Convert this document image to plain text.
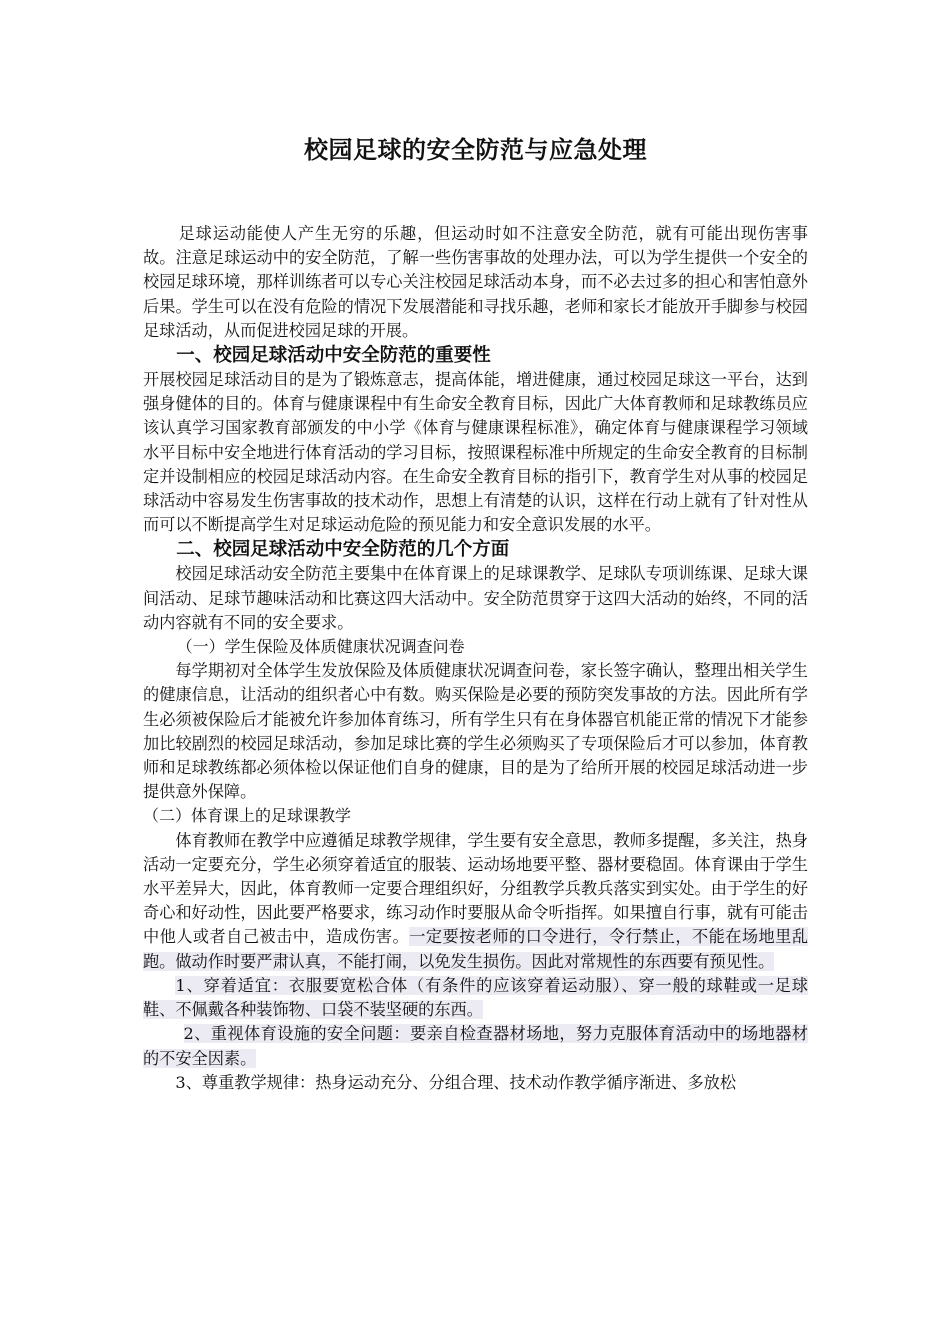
校园足球的安全防范与应急处理

足球运动能使人产生无穷的乐趣，但运动时如不注意安全防范，就有可能出现伤害事故。注意足球运动中的安全防范，了解一些伤害事故的处理办法，可以为学生提供一个安全的校园足球环境，那样训练者可以专心关注校园足球活动本身，而不必去过多的担心和害怕意外后果。学生可以在没有危险的情况下发展潜能和寻找乐趣，老师和家长才能放开手脚参与校园足球活动，从而促进校园足球的开展。

一、校园足球活动中安全防范的重要性

开展校园足球活动目的是为了锻炼意志，提高体能，增进健康，通过校园足球这一平台，达到强身健体的目的。体育与健康课程中有生命安全教育目标，因此广大体育教师和足球教练员应该认真学习国家教育部颁发的中小学《体育与健康课程标准》，确定体育与健康课程学习领域水平目标中安全地进行体育活动的学习目标，按照课程标准中所规定的生命安全教育的目标制定并设制相应的校园足球活动内容。在生命安全教育目标的指引下，教育学生对从事的校园足球活动中容易发生伤害事故的技术动作，思想上有清楚的认识，这样在行动上就有了针对性从而可以不断提高学生对足球运动危险的预见能力和安全意识发展的水平。

二、校园足球活动中安全防范的几个方面

校园足球活动安全防范主要集中在体育课上的足球课教学、足球队专项训练课、足球大课间活动、足球节趣味活动和比赛这四大活动中。安全防范贯穿于这四大活动的始终，不同的活动内容就有不同的安全要求。

（一）学生保险及体质健康状况调查问卷

每学期初对全体学生发放保险及体质健康状况调查问卷，家长签字确认，整理出相关学生的健康信息，让活动的组织者心中有数。购买保险是必要的预防突发事故的方法。因此所有学生必须被保险后才能被允许参加体育练习，所有学生只有在身体器官机能正常的情况下才能参加比较剧烈的校园足球活动，参加足球比赛的学生必须购买了专项保险后才可以参加，体育教师和足球教练都必须体检以保证他们自身的健康，目的是为了给所开展的校园足球活动进一步提供意外保障。

（二）体育课上的足球课教学

体育教师在教学中应遵循足球教学规律，学生要有安全意思，教师多提醒，多关注，热身活动一定要充分，学生必须穿着适宜的服装、运动场地要平整、器材要稳固。体育课由于学生水平差异大，因此，体育教师一定要合理组织好，分组教学兵教兵落实到实处。由于学生的好奇心和好动性，因此要严格要求，练习动作时要服从命令听指挥。如果擅自行事，就有可能击中他人或者自己被击中，造成伤害。一定要按老师的口令进行，令行禁止，不能在场地里乱跑。做动作时要严肃认真，不能打闹，以免发生损伤。因此对常规性的东西要有预见性。

1、穿着适宜：衣服要宽松合体（有条件的应该穿着运动服）、穿一般的球鞋或一足球鞋、不佩戴各种装饰物、口袋不装坚硬的东西。

2、重视体育设施的安全问题：要亲自检查器材场地，努力克服体育活动中的场地器材的不安全因素。

3、尊重教学规律：热身运动充分、分组合理、技术动作教学循序渐进、多放松
